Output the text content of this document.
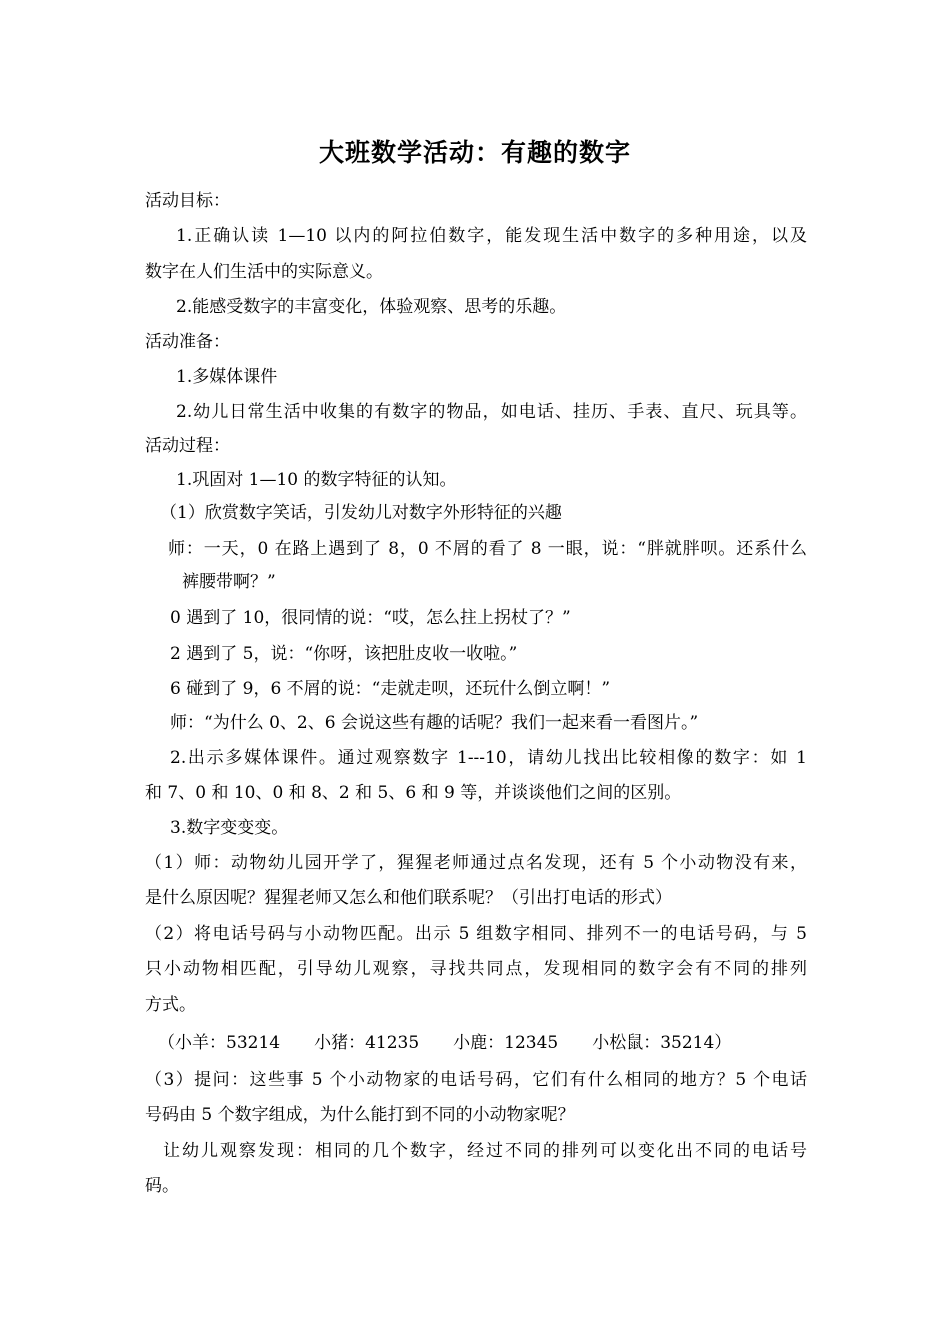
大班数学活动：有趣的数字
活动目标：
1.正确认读 1—10 以内的阿拉伯数字，能发现生活中数字的多种用途，以及
数字在人们生活中的实际意义。
2.能感受数字的丰富变化，体验观察、思考的乐趣。
活动准备：
1.多媒体课件
2.幼儿日常生活中收集的有数字的物品，如电话、挂历、手表、直尺、玩具等。
活动过程：
1.巩固对 1—10 的数字特征的认知。
（1）欣赏数字笑话，引发幼儿对数字外形特征的兴趣
师：一天，0 在路上遇到了 8，0 不屑的看了 8 一眼，说：“胖就胖呗。还系什么
裤腰带啊？”
0 遇到了 10，很同情的说：“哎，怎么拄上拐杖了？”
2 遇到了 5，说：“你呀，该把肚皮收一收啦。”
6 碰到了 9，6 不屑的说：“走就走呗，还玩什么倒立啊！”
师：“为什么 0、2、6 会说这些有趣的话呢？我们一起来看一看图片。”
2.出示多媒体课件。通过观察数字 1---10，请幼儿找出比较相像的数字：如 1
和 7、0 和 10、0 和 8、2 和 5、6 和 9 等，并谈谈他们之间的区别。
3.数字变变变。
（1）师：动物幼儿园开学了，猩猩老师通过点名发现，还有 5 个小动物没有来，
是什么原因呢？猩猩老师又怎么和他们联系呢？（引出打电话的形式）
（2）将电话号码与小动物匹配。出示 5 组数字相同、排列不一的电话号码，与 5
只小动物相匹配，引导幼儿观察，寻找共同点，发现相同的数字会有不同的排列
方式。
（小羊：53214　　小猪：41235　　小鹿：12345　　小松鼠：35214）
（3）提问：这些事 5 个小动物家的电话号码，它们有什么相同的地方？5 个电话
号码由 5 个数字组成，为什么能打到不同的小动物家呢？
让幼儿观察发现：相同的几个数字，经过不同的排列可以变化出不同的电话号
码。
